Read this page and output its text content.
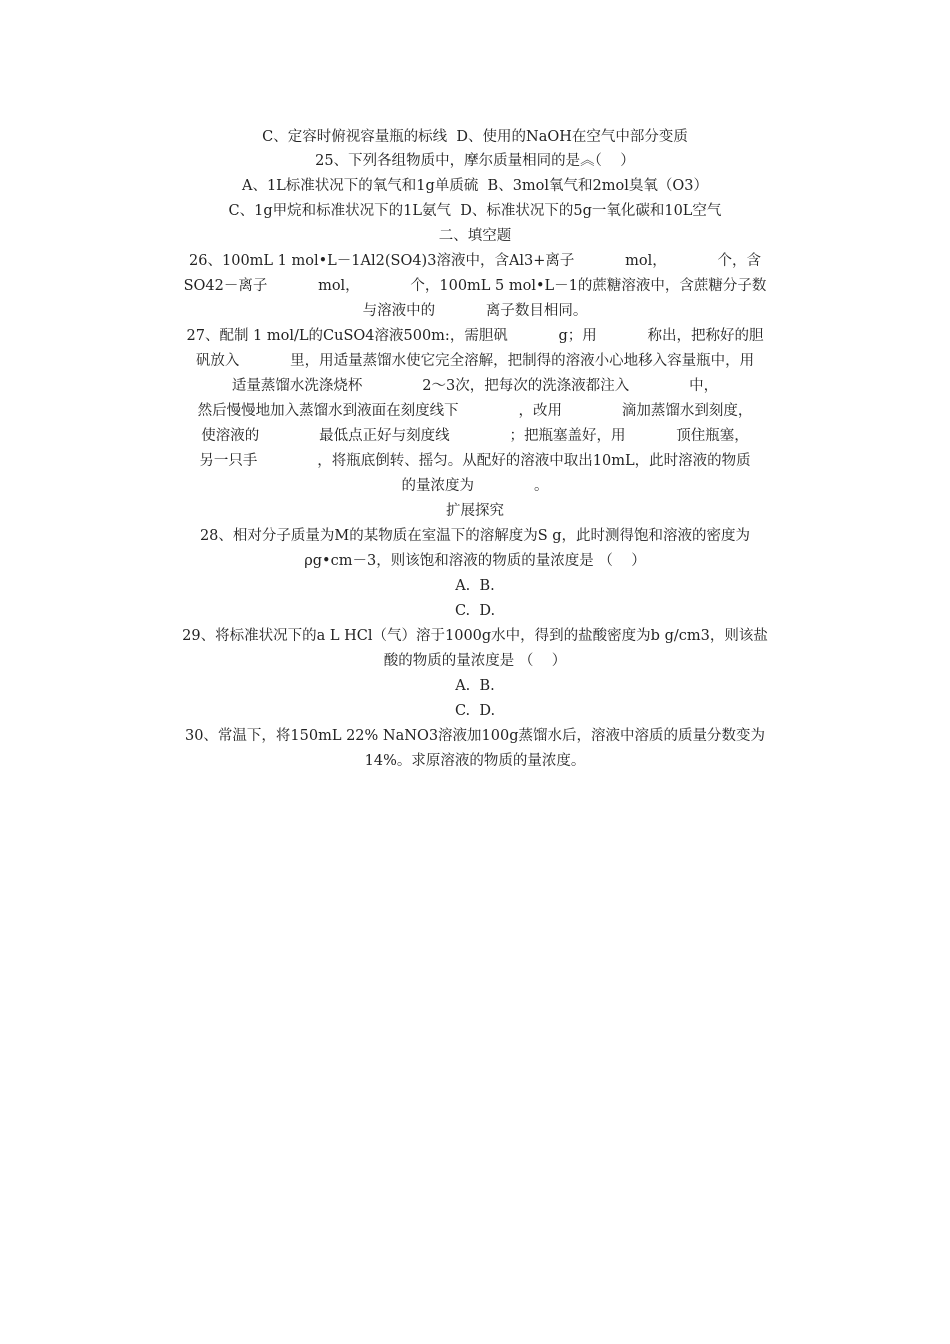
C、定容时俯视容量瓶的标线  D、使用的NaOH在空气中部分变质
25、下列各组物质中，摩尔质量相同的是︽（    ）
A、1L标准状况下的氧气和1g单质硫  B、3mol氧气和2mol臭氧（O3）
C、1g甲烷和标准状况下的1L氨气  D、标准状况下的5g一氧化碳和10L空气
二、填空题
26、100mL 1 mol•L－1Al2(SO4)3溶液中，含Al3+离子           mol，           个，含
SO42－离子           mol，           个，100mL 5 mol•L－1的蔗糖溶液中，含蔗糖分子数
与溶液中的           离子数目相同。
27、配制 1 mol/L的CuSO4溶液500m:，需胆矾           g；用           称出，把称好的胆
矾放入           里，用适量蒸馏水使它完全溶解，把制得的溶液小心地移入容量瓶中，用
适量蒸馏水洗涤烧杯             2～3次，把每次的洗涤液都注入             中，
然后慢慢地加入蒸馏水到液面在刻度线下             ，改用             滴加蒸馏水到刻度，
使溶液的             最低点正好与刻度线             ；把瓶塞盖好，用           顶住瓶塞，
另一只手             ，将瓶底倒转、摇匀。从配好的溶液中取出10mL，此时溶液的物质
的量浓度为             。
扩展探究
28、相对分子质量为M的某物质在室温下的溶解度为S g，此时测得饱和溶液的密度为
ρg•cm－3，则该饱和溶液的物质的量浓度是 （    ）
A.  B.
C.  D.
29、将标准状况下的a L HCl（气）溶于1000g水中，得到的盐酸密度为b g/cm3，则该盐
酸的物质的量浓度是 （    ）
A.  B.
C.  D.
30、常温下，将150mL 22% NaNO3溶液加100g蒸馏水后，溶液中溶质的质量分数变为
14%。求原溶液的物质的量浓度。
